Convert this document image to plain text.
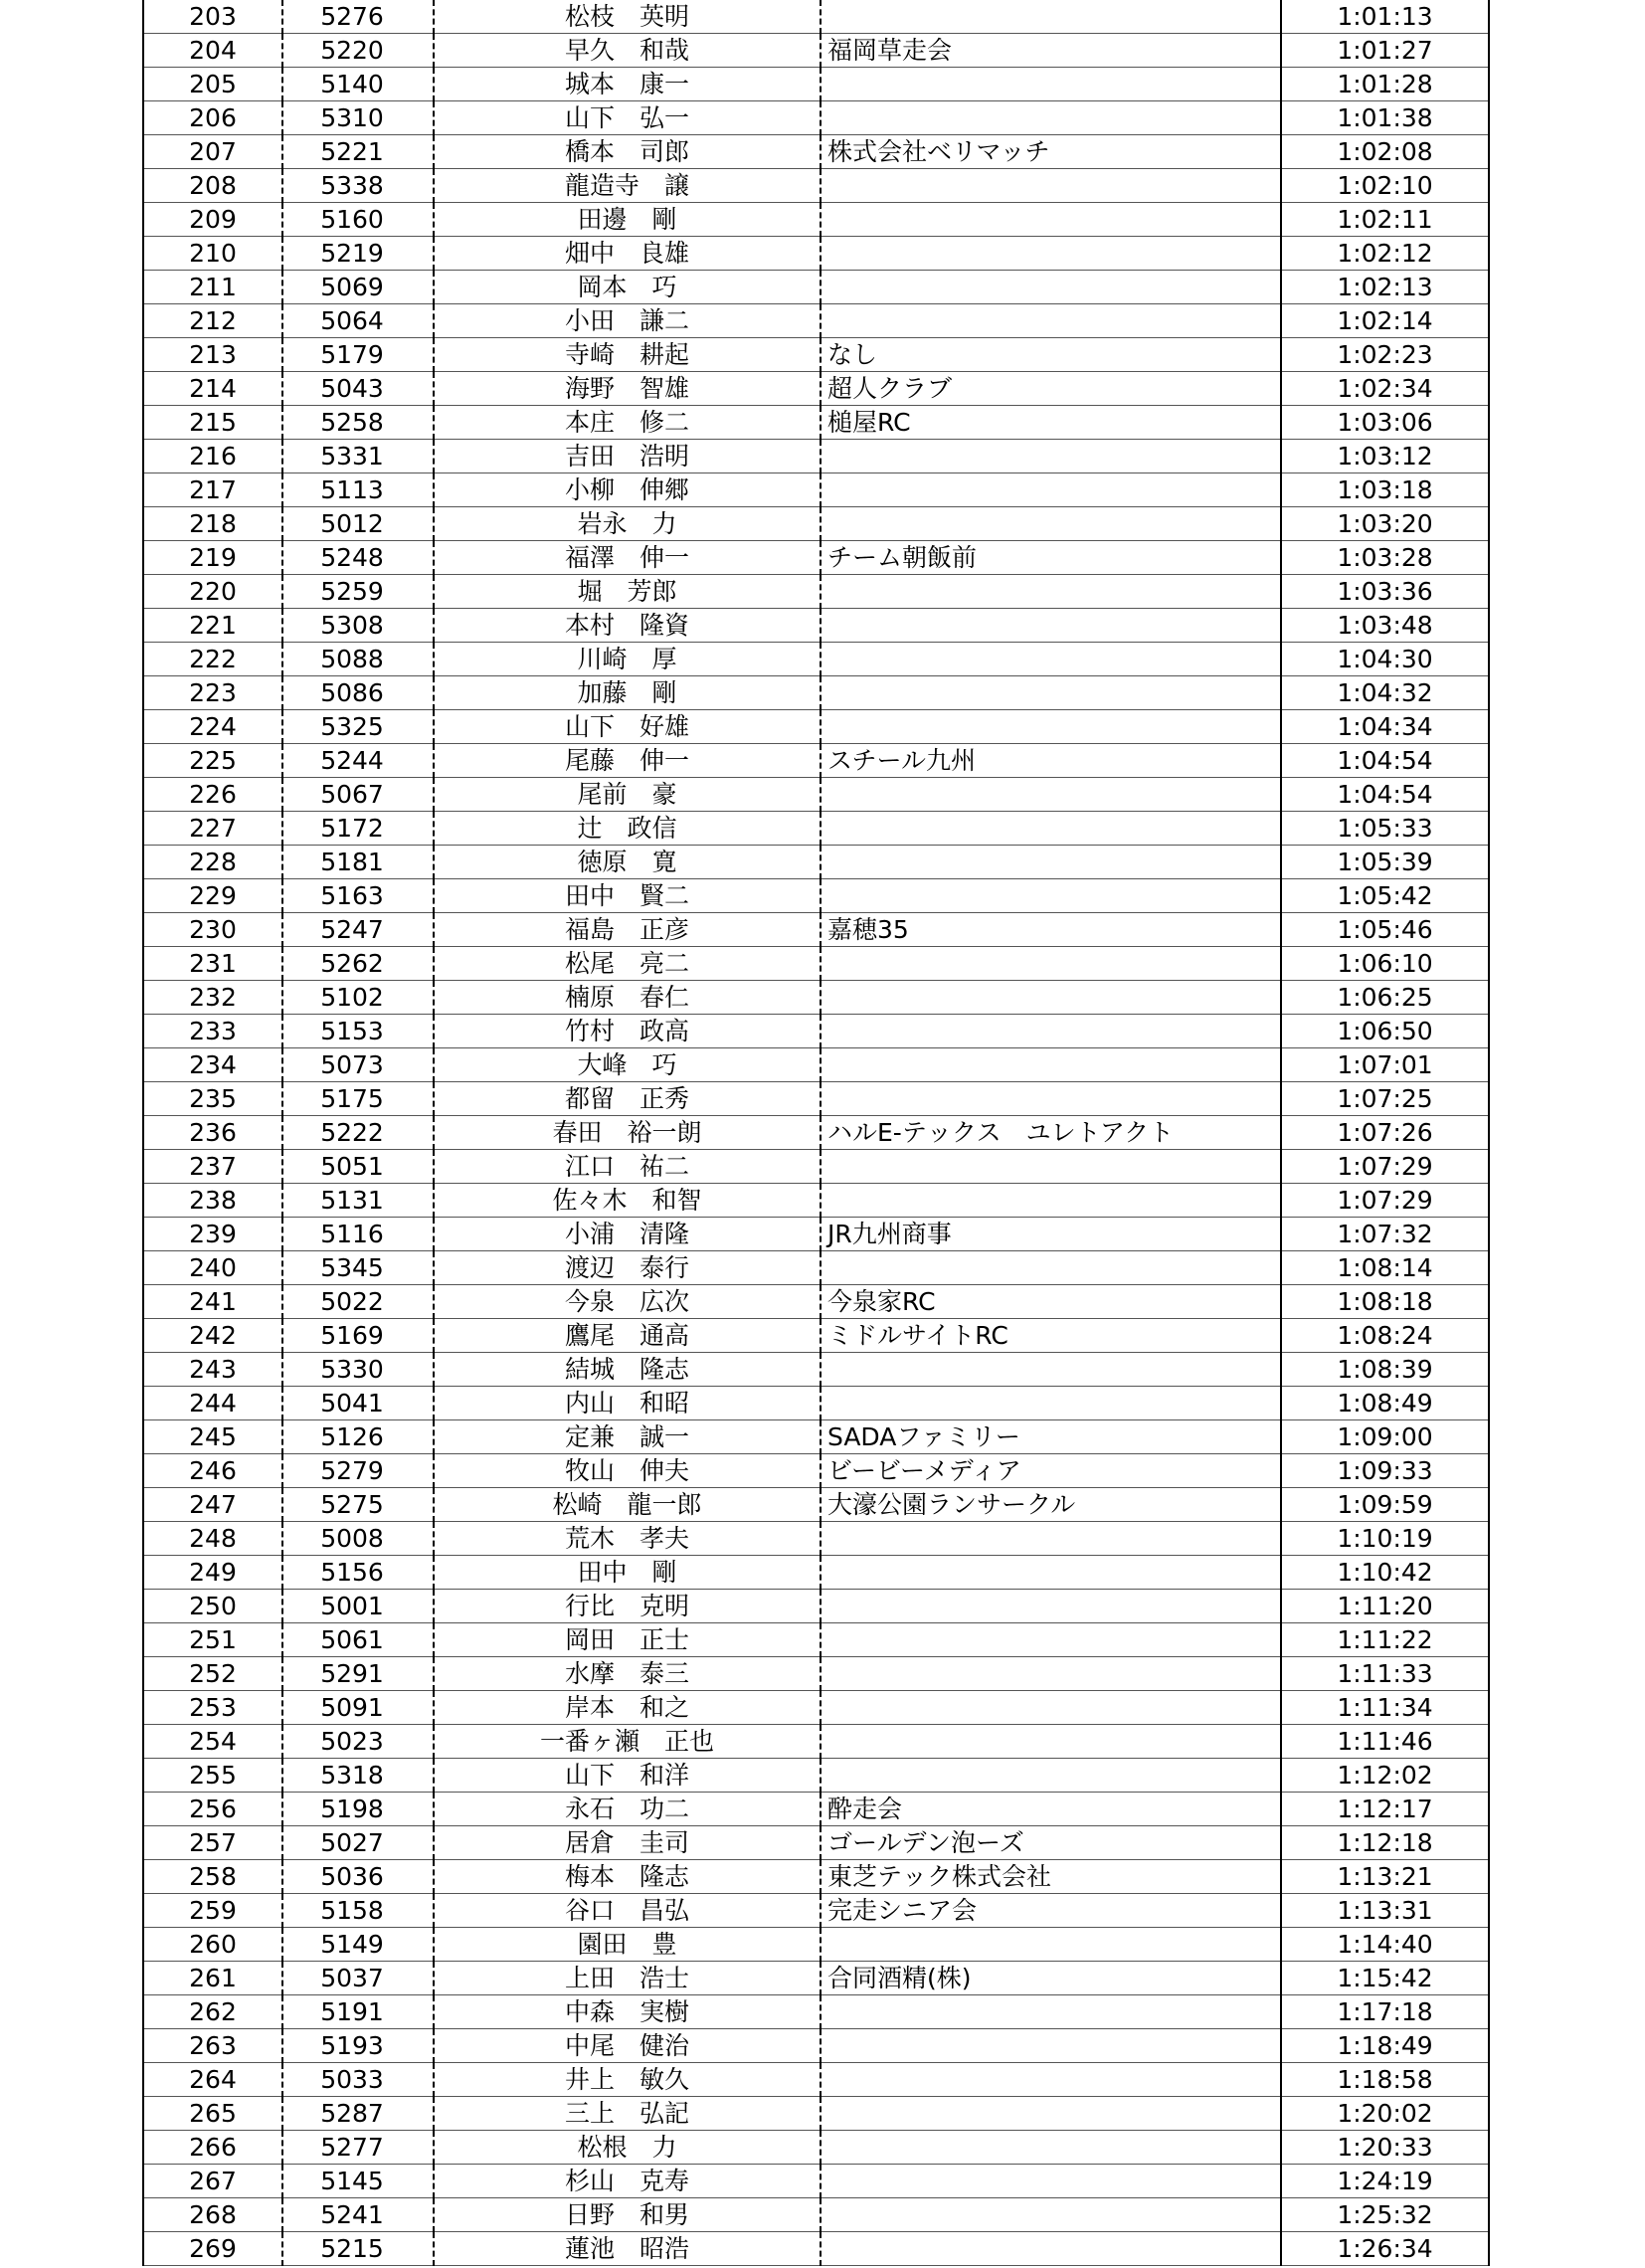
203	5276	松枝　英明		1:01:13
204	5220	早久　和哉	福岡草走会	1:01:27
205	5140	城本　康一		1:01:28
206	5310	山下　弘一		1:01:38
207	5221	橋本　司郎	株式会社ベリマッチ	1:02:08
208	5338	龍造寺　譲		1:02:10
209	5160	田邊　剛		1:02:11
210	5219	畑中　良雄		1:02:12
211	5069	岡本　巧		1:02:13
212	5064	小田　謙二		1:02:14
213	5179	寺崎　耕起	なし	1:02:23
214	5043	海野　智雄	超人クラブ	1:02:34
215	5258	本庄　修二	槌屋RC	1:03:06
216	5331	吉田　浩明		1:03:12
217	5113	小柳　伸郷		1:03:18
218	5012	岩永　力		1:03:20
219	5248	福澤　伸一	チーム朝飯前	1:03:28
220	5259	堀　芳郎		1:03:36
221	5308	本村　隆資		1:03:48
222	5088	川崎　厚		1:04:30
223	5086	加藤　剛		1:04:32
224	5325	山下　好雄		1:04:34
225	5244	尾藤　伸一	スチール九州	1:04:54
226	5067	尾前　豪		1:04:54
227	5172	辻　政信		1:05:33
228	5181	徳原　寛		1:05:39
229	5163	田中　賢二		1:05:42
230	5247	福島　正彦	嘉穂35	1:05:46
231	5262	松尾　亮二		1:06:10
232	5102	楠原　春仁		1:06:25
233	5153	竹村　政高		1:06:50
234	5073	大峰　巧		1:07:01
235	5175	都留　正秀		1:07:25
236	5222	春田　裕一朗	ハルE-テックス　ユレトアクト	1:07:26
237	5051	江口　祐二		1:07:29
238	5131	佐々木　和智		1:07:29
239	5116	小浦　清隆	JR九州商事	1:07:32
240	5345	渡辺　泰行		1:08:14
241	5022	今泉　広次	今泉家RC	1:08:18
242	5169	鷹尾　通高	ミドルサイトRC	1:08:24
243	5330	結城　隆志		1:08:39
244	5041	内山　和昭		1:08:49
245	5126	定兼　誠一	SADAファミリー	1:09:00
246	5279	牧山　伸夫	ビービーメディア	1:09:33
247	5275	松崎　龍一郎	大濠公園ランサークル	1:09:59
248	5008	荒木　孝夫		1:10:19
249	5156	田中　剛		1:10:42
250	5001	行比　克明		1:11:20
251	5061	岡田　正士		1:11:22
252	5291	水摩　泰三		1:11:33
253	5091	岸本　和之		1:11:34
254	5023	一番ヶ瀬　正也		1:11:46
255	5318	山下　和洋		1:12:02
256	5198	永石　功二	酔走会	1:12:17
257	5027	居倉　圭司	ゴールデン泡ーズ	1:12:18
258	5036	梅本　隆志	東芝テック株式会社	1:13:21
259	5158	谷口　昌弘	完走シニア会	1:13:31
260	5149	園田　豊		1:14:40
261	5037	上田　浩士	合同酒精(株)	1:15:42
262	5191	中森　実樹		1:17:18
263	5193	中尾　健治		1:18:49
264	5033	井上　敏久		1:18:58
265	5287	三上　弘記		1:20:02
266	5277	松根　力		1:20:33
267	5145	杉山　克寿		1:24:19
268	5241	日野　和男		1:25:32
269	5215	蓮池　昭浩		1:26:34
